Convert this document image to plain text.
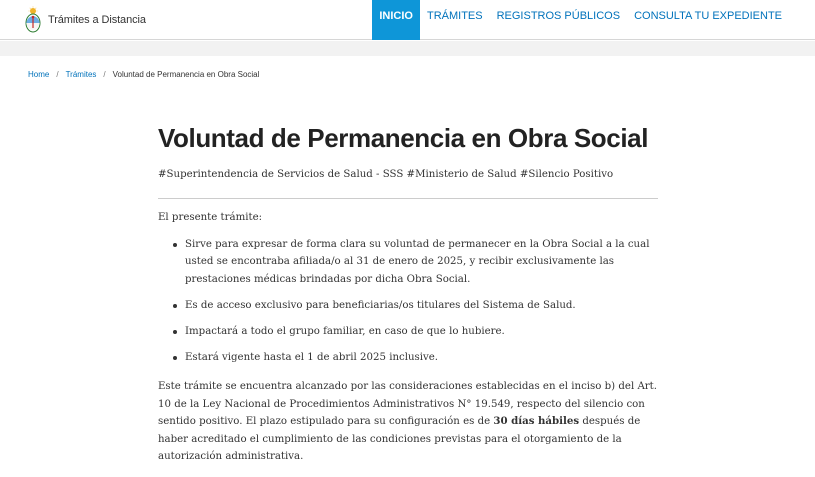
Trámites a Distancia	INICIO	TRÁMITES	REGISTROS PÚBLICOS	CONSULTA TU EXPEDIENTE
Home / Trámites / Voluntad de Permanencia en Obra Social
Voluntad de Permanencia en Obra Social

#Superintendencia de Servicios de Salud - SSS #Ministerio de Salud #Silencio Positivo

El presente trámite:

Sirve para expresar de forma clara su voluntad de permanecer en la Obra Social a la cual usted se encontraba afiliada/o al 31 de enero de 2025, y recibir exclusivamente las prestaciones médicas brindadas por dicha Obra Social.
Es de acceso exclusivo para beneficiarias/os titulares del Sistema de Salud.
Impactará a todo el grupo familiar, en caso de que lo hubiere.
Estará vigente hasta el 1 de abril 2025 inclusive.

Este trámite se encuentra alcanzado por las consideraciones establecidas en el inciso b) del Art. 10 de la Ley Nacional de Procedimientos Administrativos N° 19.549, respecto del silencio con sentido positivo. El plazo estipulado para su configuración es de 30 días hábiles después de haber acreditado el cumplimiento de las condiciones previstas para el otorgamiento de la autorización administrativa.
